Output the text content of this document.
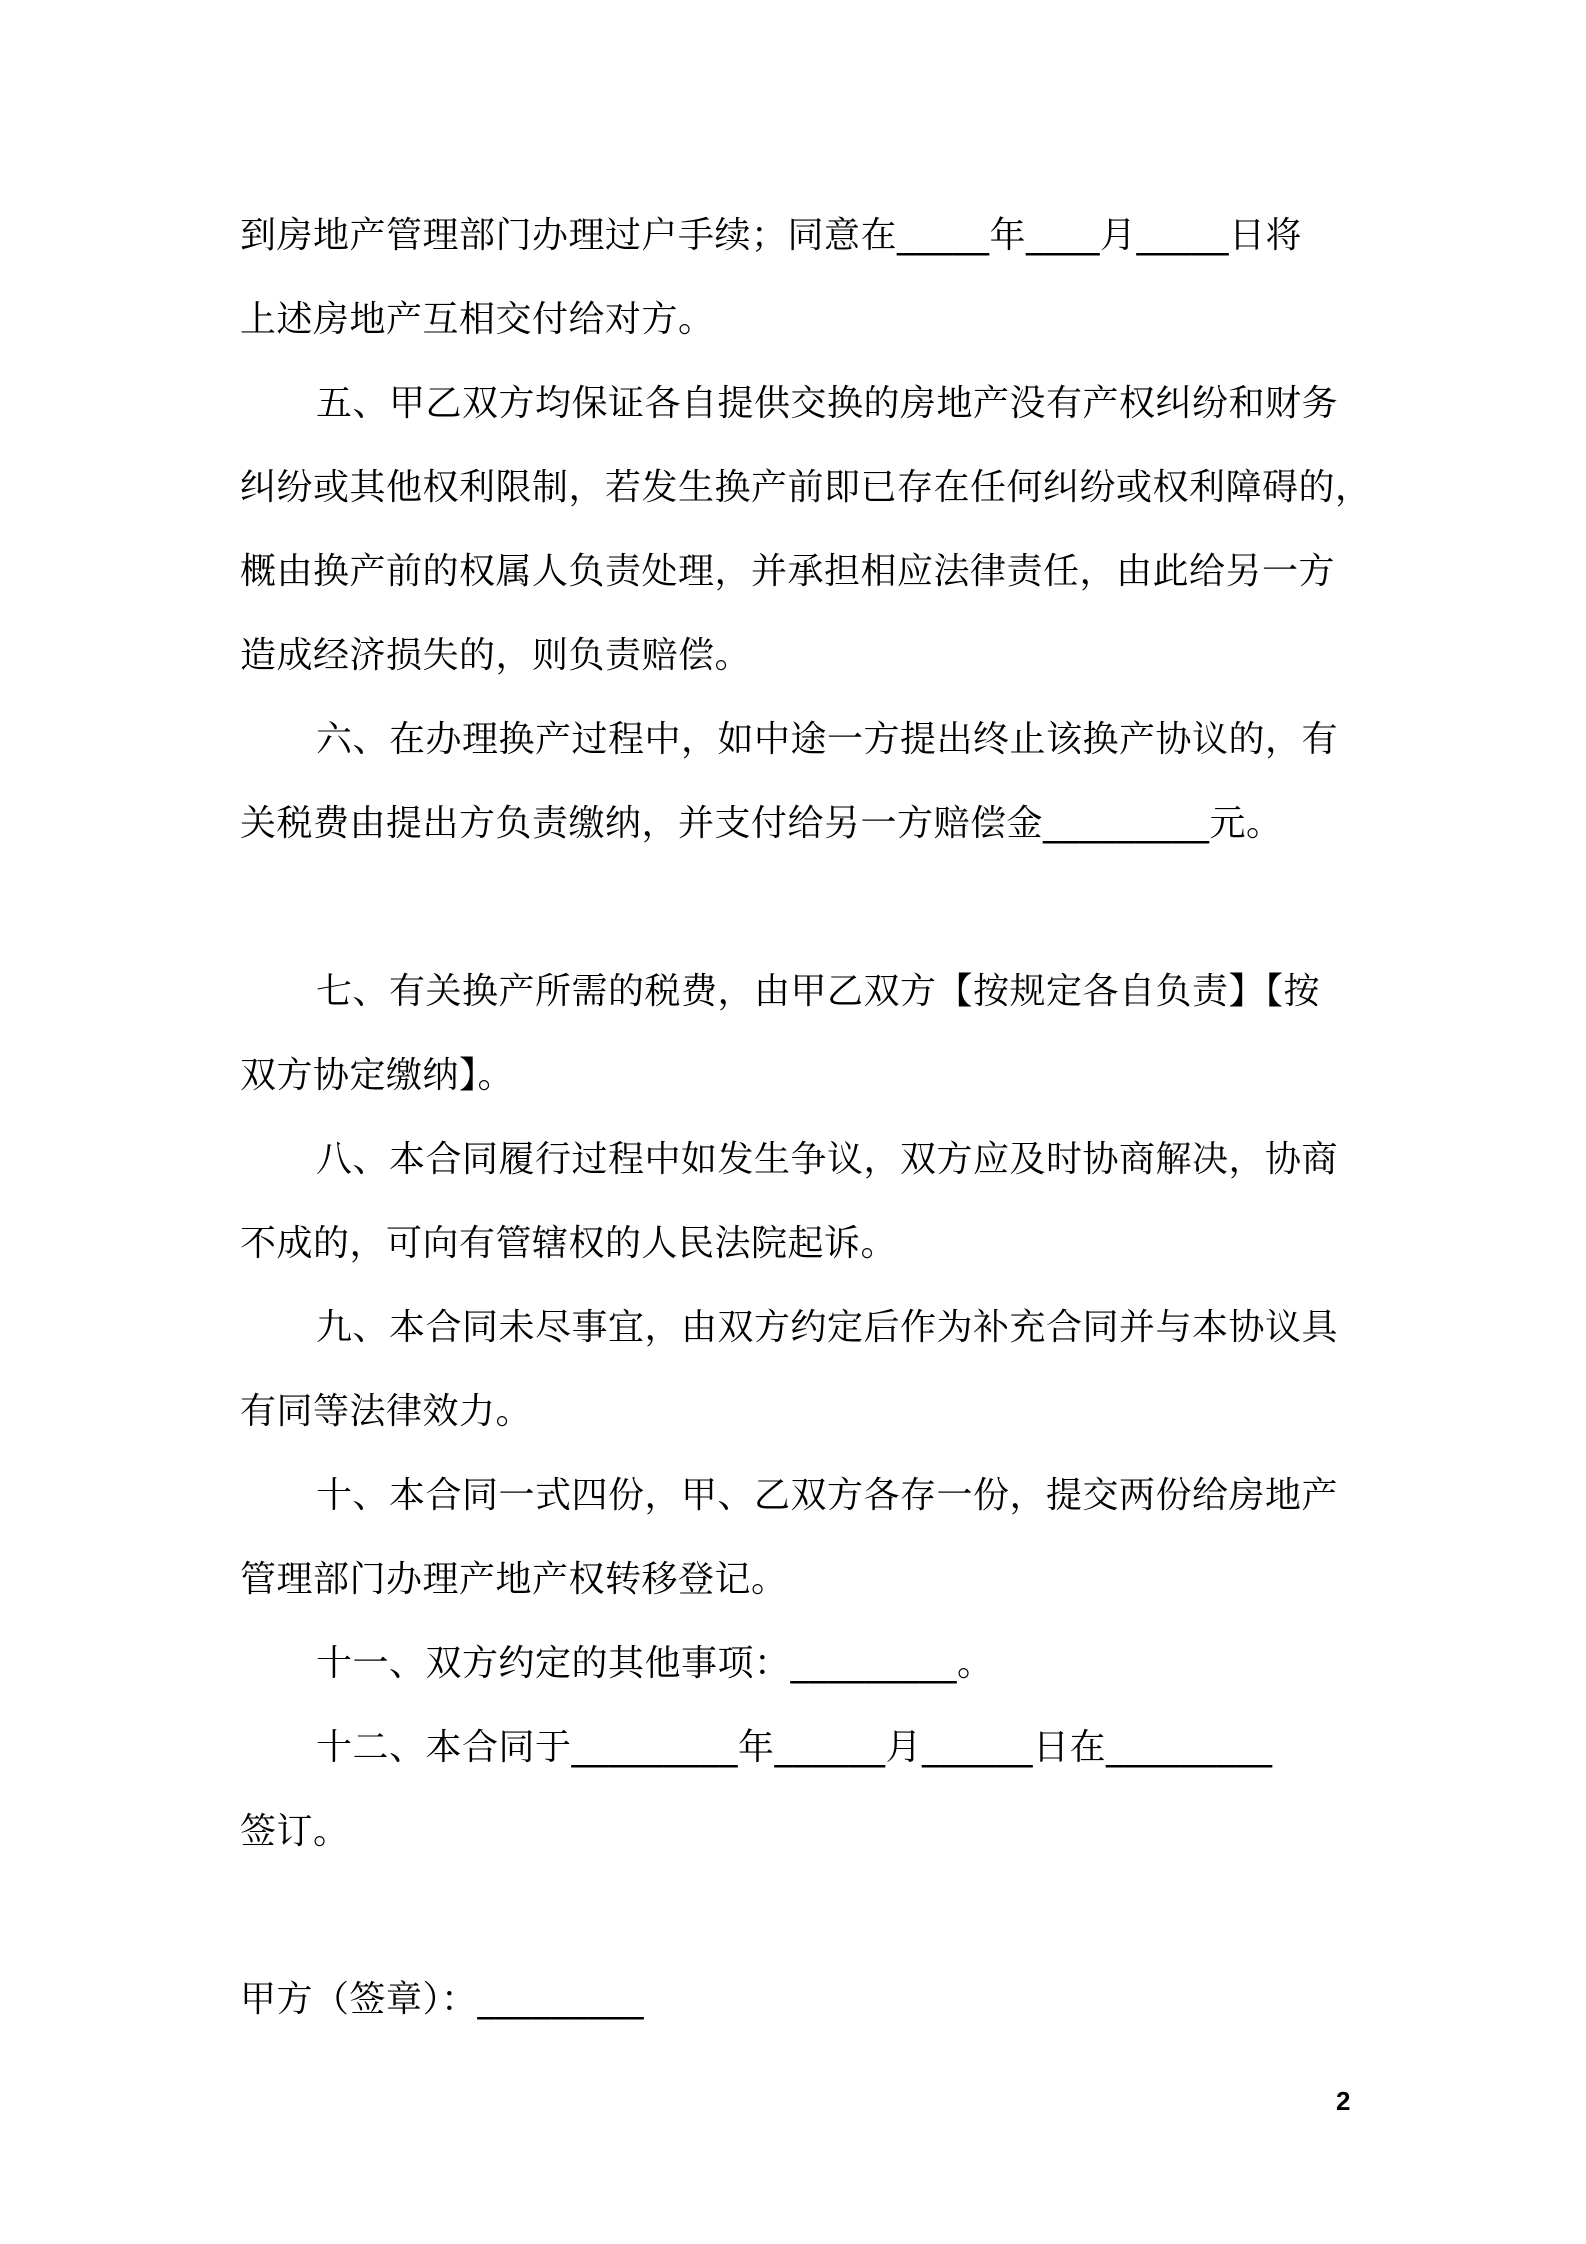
到房地产管理部门办理过户手续；同意在_____年____月_____日将
上述房地产互相交付给对方。
五、甲乙双方均保证各自提供交换的房地产没有产权纠纷和财务
纠纷或其他权利限制，若发生换产前即已存在任何纠纷或权利障碍的，
概由换产前的权属人负责处理，并承担相应法律责任，由此给另一方
造成经济损失的，则负责赔偿。
六、在办理换产过程中，如中途一方提出终止该换产协议的，有
关税费由提出方负责缴纳，并支付给另一方赔偿金_________元。
七、有关换产所需的税费，由甲乙双方【按规定各自负责】【按
双方协定缴纳】。
八、本合同履行过程中如发生争议，双方应及时协商解决，协商
不成的，可向有管辖权的人民法院起诉。
九、本合同未尽事宜，由双方约定后作为补充合同并与本协议具
有同等法律效力。
十、本合同一式四份，甲、乙双方各存一份，提交两份给房地产
管理部门办理产地产权转移登记。
十一、双方约定的其他事项：_________。
十二、本合同于_________年______月______日在_________
签订。
甲方（签章）：_________
2
